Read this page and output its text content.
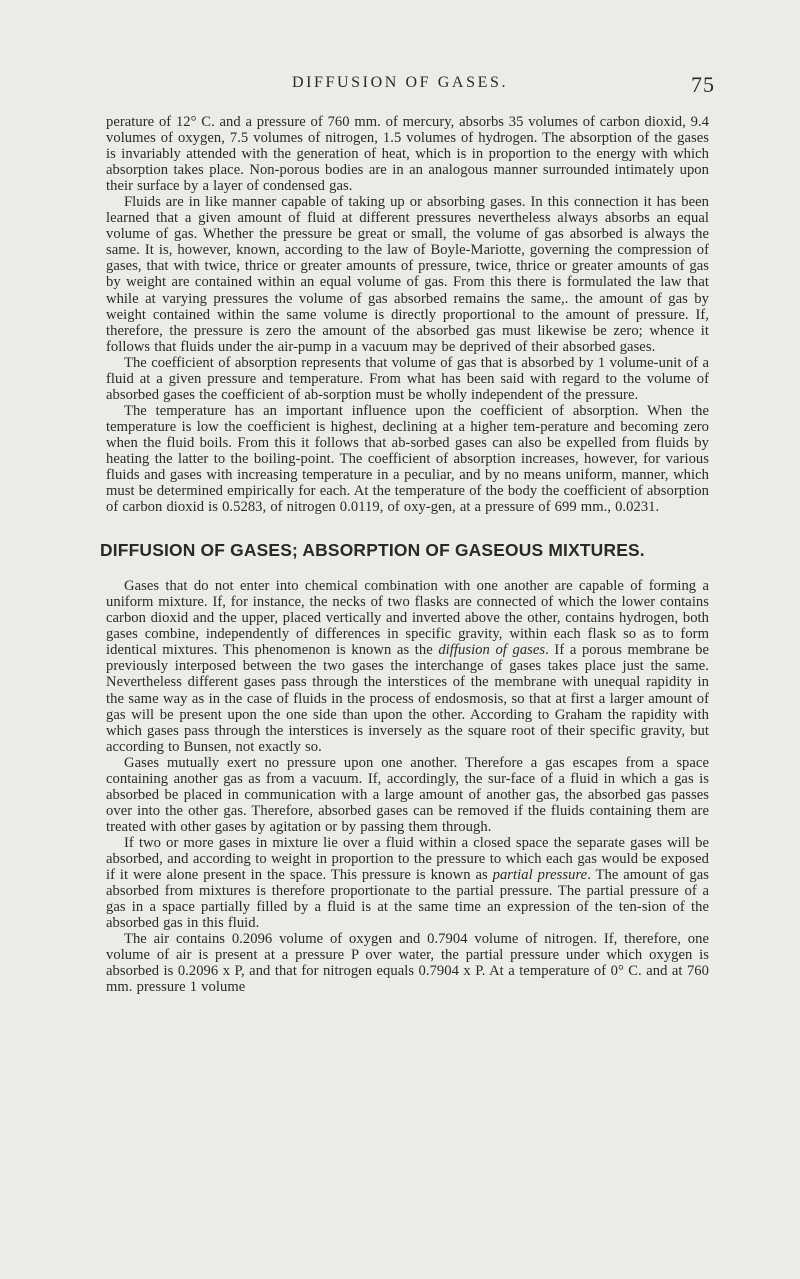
DIFFUSION OF GASES.	75

perature of 12° C. and a pressure of 760 mm. of mercury, absorbs 35 volumes of carbon dioxid, 9.4 volumes of oxygen, 7.5 volumes of nitrogen, 1.5 volumes of hydrogen. The absorption of the gases is invariably attended with the generation of heat, which is in proportion to the energy with which absorption takes place. Non-porous bodies are in an analogous manner surrounded intimately upon their surface by a layer of condensed gas.

Fluids are in like manner capable of taking up or absorbing gases. In this connection it has been learned that a given amount of fluid at different pressures nevertheless always absorbs an equal volume of gas. Whether the pressure be great or small, the volume of gas absorbed is always the same. It is, however, known, according to the law of Boyle-Mariotte, governing the compression of gases, that with twice, thrice or greater amounts of pressure, twice, thrice or greater amounts of gas by weight are contained within an equal volume of gas. From this there is formulated the law that while at varying pressures the volume of gas absorbed remains the same,. the amount of gas by weight contained within the same volume is directly proportional to the amount of pressure. If, therefore, the pressure is zero the amount of the absorbed gas must likewise be zero; whence it follows that fluids under the air-pump in a vacuum may be deprived of their absorbed gases.

The coefficient of absorption represents that volume of gas that is absorbed by 1 volume-unit of a fluid at a given pressure and temperature. From what has been said with regard to the volume of absorbed gases the coefficient of ab-sorption must be wholly independent of the pressure.

The temperature has an important influence upon the coefficient of absorption. When the temperature is low the coefficient is highest, declining at a higher tem-perature and becoming zero when the fluid boils. From this it follows that ab-sorbed gases can also be expelled from fluids by heating the latter to the boiling-point. The coefficient of absorption increases, however, for various fluids and gases with increasing temperature in a peculiar, and by no means uniform, manner, which must be determined empirically for each. At the temperature of the body the coefficient of absorption of carbon dioxid is 0.5283, of nitrogen 0.0119, of oxy-gen, at a pressure of 699 mm., 0.0231.

DIFFUSION OF GASES; ABSORPTION OF GASEOUS MIXTURES.

Gases that do not enter into chemical combination with one another are capable of forming a uniform mixture. If, for instance, the necks of two flasks are connected of which the lower contains carbon dioxid and the upper, placed vertically and inverted above the other, contains hydrogen, both gases combine, independently of differences in specific gravity, within each flask so as to form identical mixtures. This phenomenon is known as the diffusion of gases. If a porous membrane be previously interposed between the two gases the interchange of gases takes place just the same. Nevertheless different gases pass through the interstices of the membrane with unequal rapidity in the same way as in the case of fluids in the process of endosmosis, so that at first a larger amount of gas will be present upon the one side than upon the other. According to Graham the rapidity with which gases pass through the interstices is inversely as the square root of their specific gravity, but according to Bunsen, not exactly so.

Gases mutually exert no pressure upon one another. Therefore a gas escapes from a space containing another gas as from a vacuum. If, accordingly, the sur-face of a fluid in which a gas is absorbed be placed in communication with a large amount of another gas, the absorbed gas passes over into the other gas. Therefore, absorbed gases can be removed if the fluids containing them are treated with other gases by agitation or by passing them through.

If two or more gases in mixture lie over a fluid within a closed space the separate gases will be absorbed, and according to weight in proportion to the pressure to which each gas would be exposed if it were alone present in the space. This pressure is known as partial pressure. The amount of gas absorbed from mixtures is therefore proportionate to the partial pressure. The partial pressure of a gas in a space partially filled by a fluid is at the same time an expression of the ten-sion of the absorbed gas in this fluid.

The air contains 0.2096 volume of oxygen and 0.7904 volume of nitrogen. If, therefore, one volume of air is present at a pressure P over water, the partial pressure under which oxygen is absorbed is 0.2096 x P, and that for nitrogen equals 0.7904 x P. At a temperature of 0° C. and at 760 mm. pressure 1 volume
